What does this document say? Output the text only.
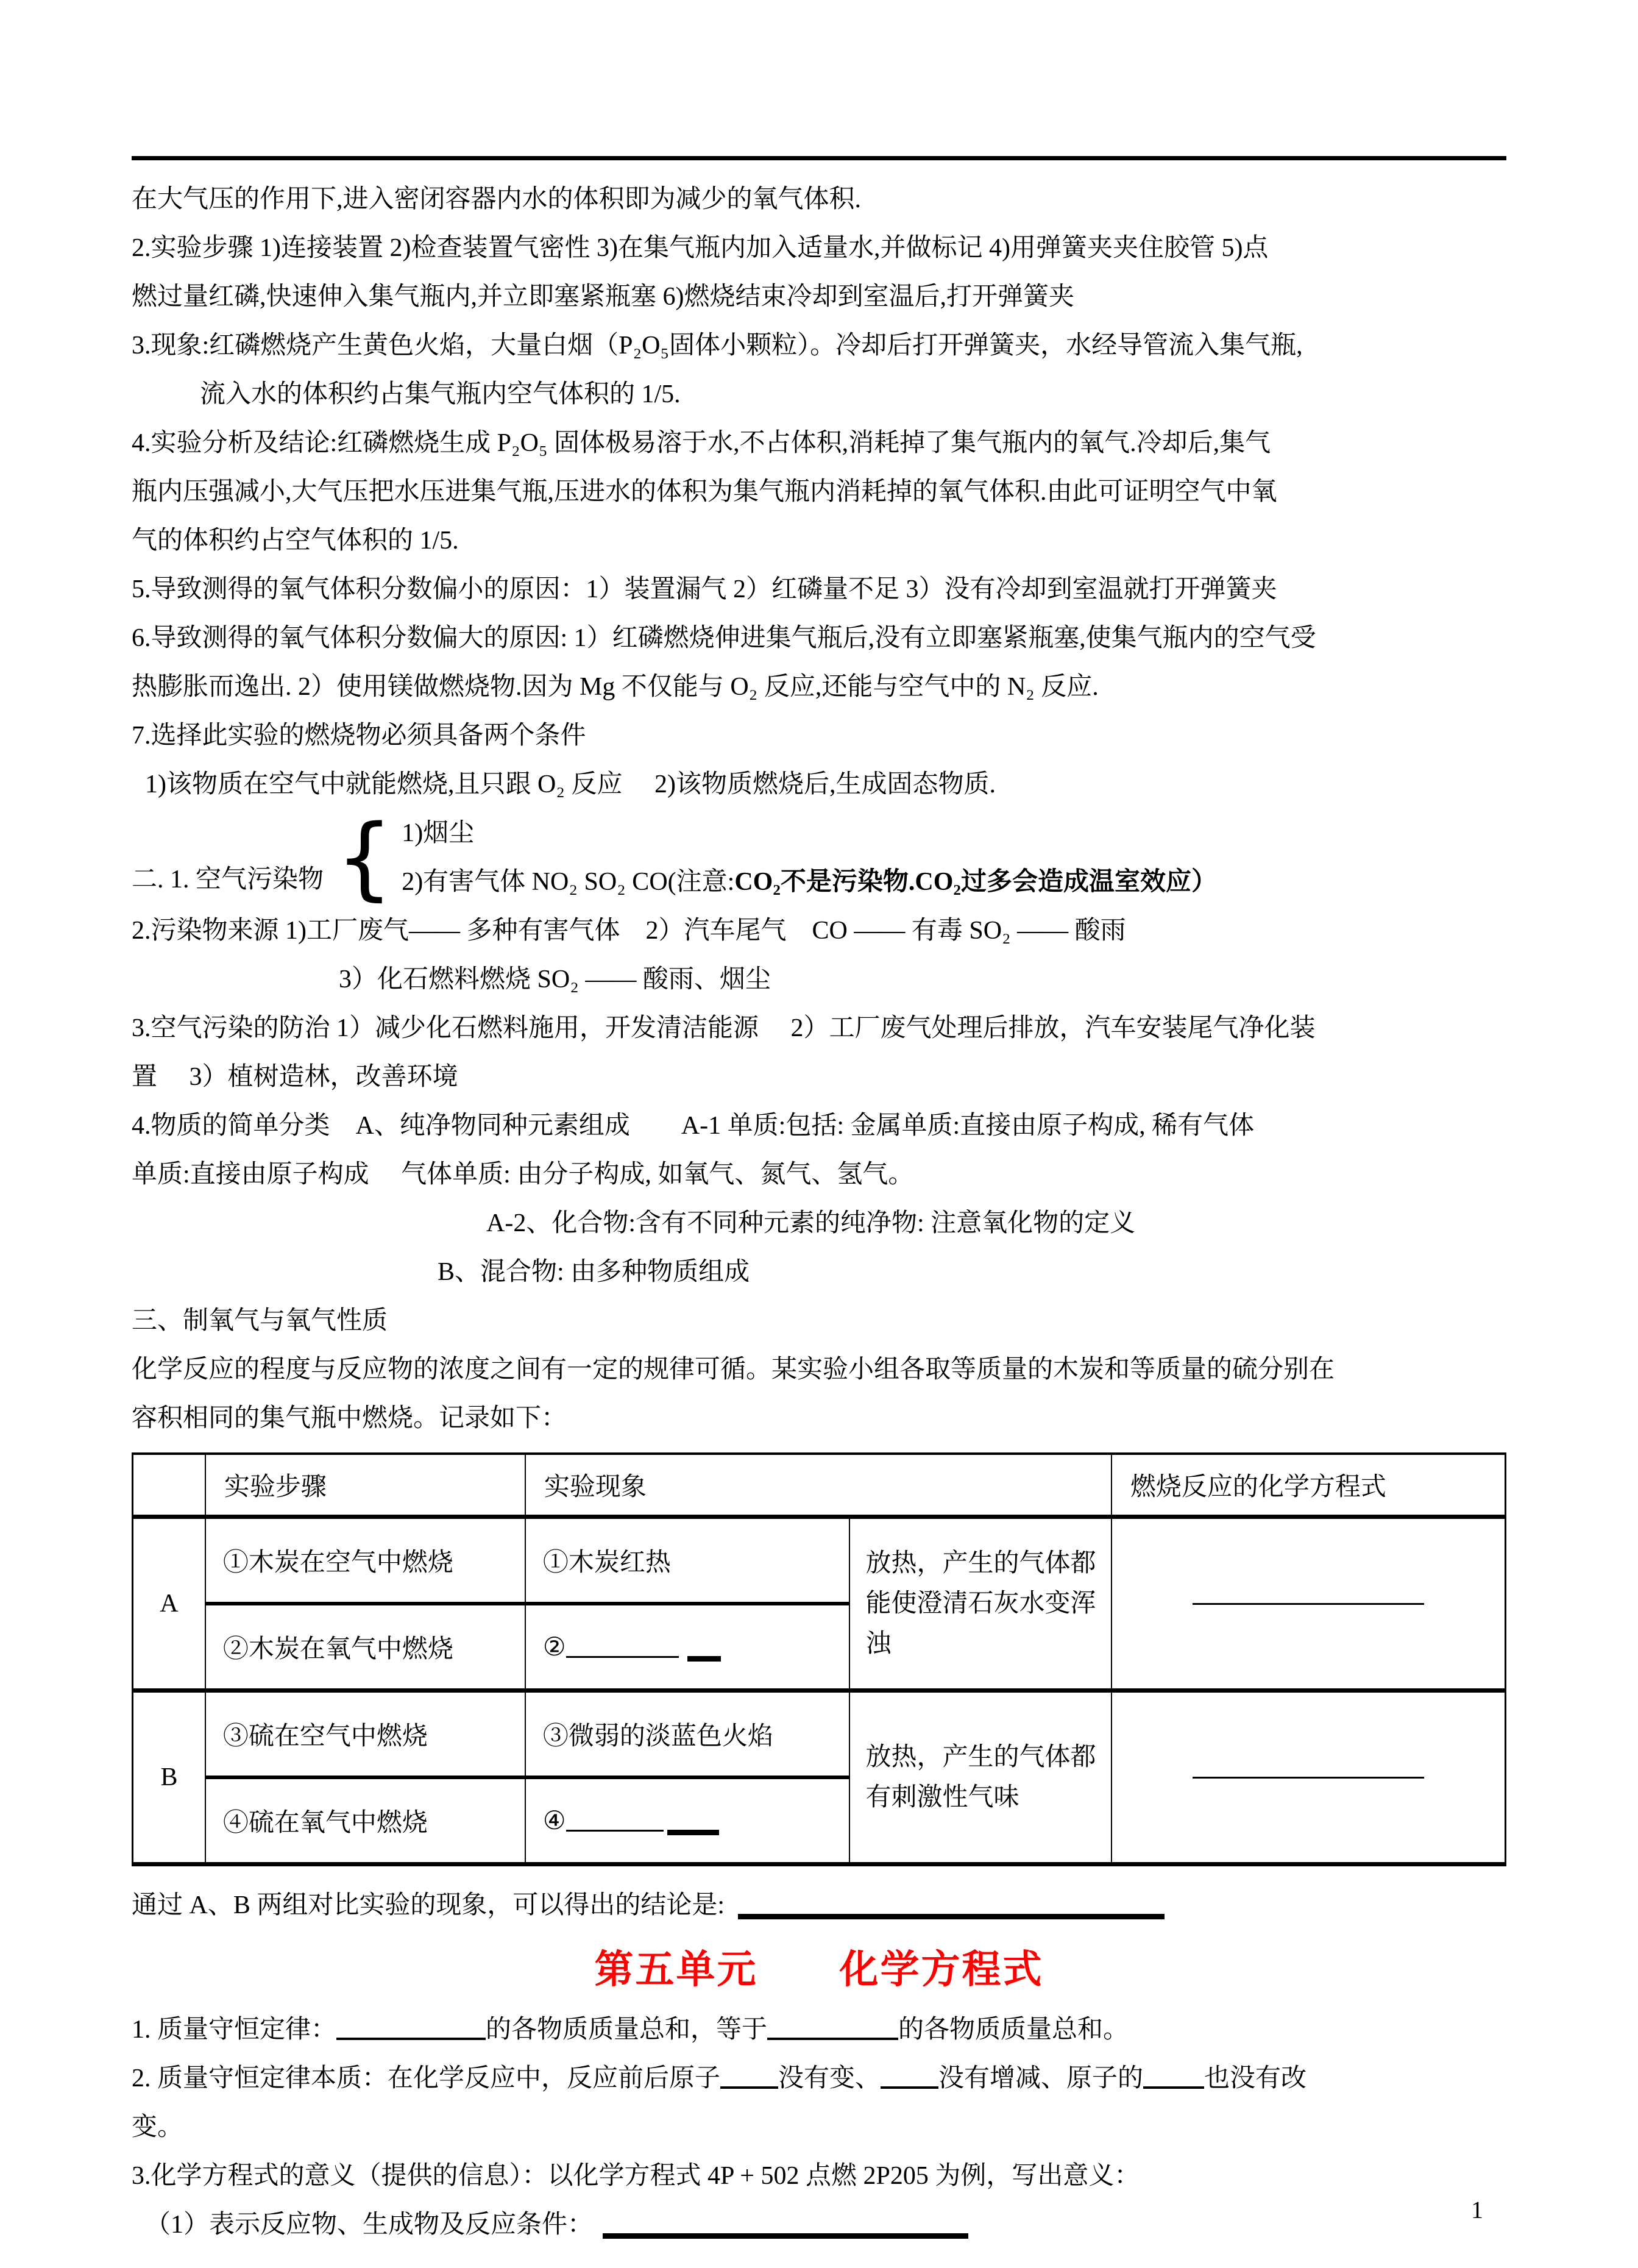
在大气压的作用下,进入密闭容器内水的体积即为减少的氧气体积.
2.实验步骤 1)连接装置 2)检查装置气密性 3)在集气瓶内加入适量水,并做标记 4)用弹簧夹夹住胶管 5)点
燃过量红磷,快速伸入集气瓶内,并立即塞紧瓶塞 6)燃烧结束冷却到室温后,打开弹簧夹
3.现象:红磷燃烧产生黄色火焰，大量白烟（P₂O₅固体小颗粒）。冷却后打开弹簧夹，水经导管流入集气瓶,
流入水的体积约占集气瓶内空气体积的 1/5.
4.实验分析及结论:红磷燃烧生成 P₂O₅ 固体极易溶于水,不占体积,消耗掉了集气瓶内的氧气.冷却后,集气
瓶内压强减小,大气压把水压进集气瓶,压进水的体积为集气瓶内消耗掉的氧气体积.由此可证明空气中氧
气的体积约占空气体积的 1/5.
5.导致测得的氧气体积分数偏小的原因：1）装置漏气 2）红磷量不足 3）没有冷却到室温就打开弹簧夹
6.导致测得的氧气体积分数偏大的原因: 1）红磷燃烧伸进集气瓶后,没有立即塞紧瓶塞,使集气瓶内的空气受
热膨胀而逸出. 2）使用镁做燃烧物.因为 Mg 不仅能与 O₂ 反应,还能与空气中的 N₂ 反应.
7.选择此实验的燃烧物必须具备两个条件
1)该物质在空气中就能燃烧,且只跟 O₂ 反应　 2)该物质燃烧后,生成固态物质.
二. 1. 空气污染物 { 1)烟尘
2)有害气体 NO₂ SO₂ CO(注意:CO₂不是污染物.CO₂过多会造成温室效应）
2.污染物来源 1)工厂废气—— 多种有害气体　2）汽车尾气　CO —— 有毒 SO₂ —— 酸雨
3）化石燃料燃烧 SO₂ —— 酸雨、烟尘
3.空气污染的防治 1）减少化石燃料施用，开发清洁能源　 2）工厂废气处理后排放，汽车安装尾气净化装
置　 3）植树造林，改善环境
4.物质的简单分类　A、纯净物同种元素组成　　A-1 单质:包括: 金属单质:直接由原子构成, 稀有气体
单质:直接由原子构成　 气体单质: 由分子构成, 如氧气、氮气、氢气。
A-2、化合物:含有不同种元素的纯净物: 注意氧化物的定义
B、混合物: 由多种物质组成
三、制氧气与氧气性质
化学反应的程度与反应物的浓度之间有一定的规律可循。某实验小组各取等质量的木炭和等质量的硫分别在
容积相同的集气瓶中燃烧。记录如下：
	实验步骤	实验现象		燃烧反应的化学方程式
A	①木炭在空气中燃烧	①木炭红热	放热，产生的气体都能使澄清石灰水变浑浊	

	②木炭在氧气中燃烧	②		
B	③硫在空气中燃烧	③微弱的淡蓝色火焰	放热，产生的气体都有刺激性气味	

	④硫在氧气中燃烧	④		
通过 A、B 两组对比实验的现象，可以得出的结论是:
第五单元　　化学方程式
1. 质量守恒定律：	的各物质质量总和，等于	的各物质质量总和。
2. 质量守恒定律本质：在化学反应中，反应前后原子 没有变、 没有增减、原子的 也没有改
变。
3.化学方程式的意义（提供的信息）：以化学方程式 4P + 502 点燃 2P205 为例，写出意义：
（1）表示反应物、生成物及反应条件：
1
